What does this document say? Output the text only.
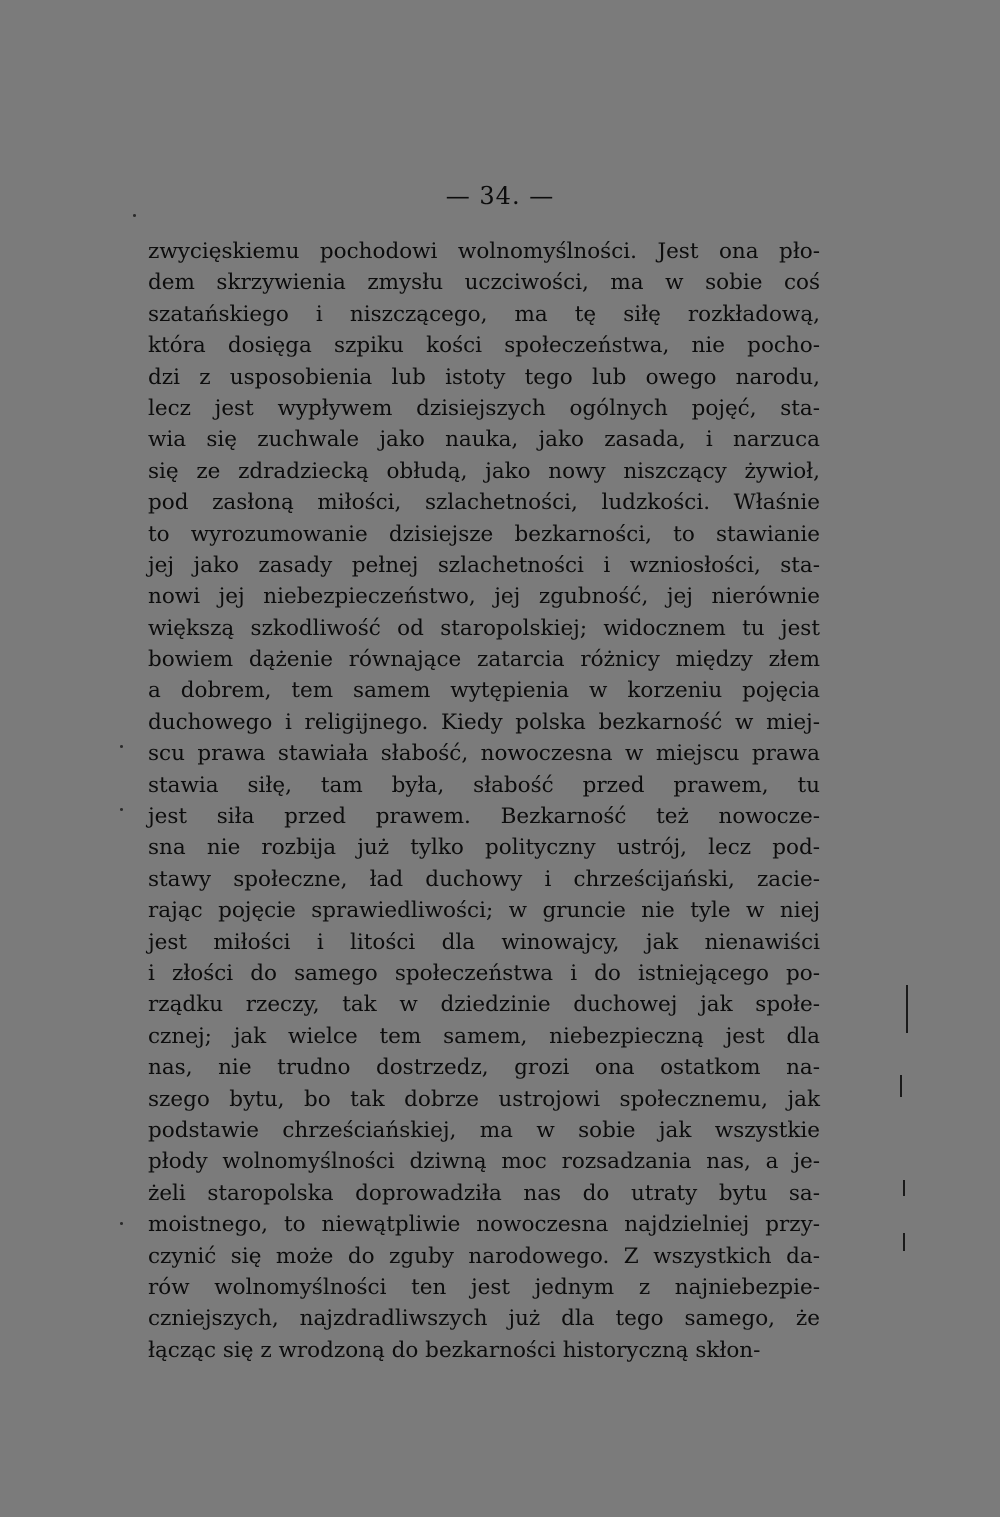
— 34. —
zwycięskiemu pochodowi wolnomyślności. Jest ona pło-
dem skrzywienia zmysłu uczciwości, ma w sobie coś
szatańskiego i niszczącego, ma tę siłę rozkładową,
która dosięga szpiku kości społeczeństwa, nie pocho-
dzi z usposobienia lub istoty tego lub owego narodu,
lecz jest wypływem dzisiejszych ogólnych pojęć, sta-
wia się zuchwale jako nauka, jako zasada, i narzuca
się ze zdradziecką obłudą, jako nowy niszczący żywioł,
pod zasłoną miłości, szlachetności, ludzkości. Właśnie
to wyrozumowanie dzisiejsze bezkarności, to stawianie
jej jako zasady pełnej szlachetności i wzniosłości, sta-
nowi jej niebezpieczeństwo, jej zgubność, jej nierównie
większą szkodliwość od staropolskiej; widocznem tu jest
bowiem dążenie równające zatarcia różnicy między złem
a dobrem, tem samem wytępienia w korzeniu pojęcia
duchowego i religijnego. Kiedy polska bezkarność w miej-
scu prawa stawiała słabość, nowoczesna w miejscu prawa
stawia siłę, tam była, słabość przed prawem, tu
jest siła przed prawem. Bezkarność też nowocze-
sna nie rozbija już tylko polityczny ustrój, lecz pod-
stawy społeczne, ład duchowy i chrześcijański, zacie-
rając pojęcie sprawiedliwości; w gruncie nie tyle w niej
jest miłości i litości dla winowajcy, jak nienawiści
i złości do samego społeczeństwa i do istniejącego po-
rządku rzeczy, tak w dziedzinie duchowej jak społe-
cznej; jak wielce tem samem, niebezpieczną jest dla
nas, nie trudno dostrzedz, grozi ona ostatkom na-
szego bytu, bo tak dobrze ustrojowi społecznemu, jak
podstawie chrześciańskiej, ma w sobie jak wszystkie
płody wolnomyślności dziwną moc rozsadzania nas, a je-
żeli staropolska doprowadziła nas do utraty bytu sa-
moistnego, to niewątpliwie nowoczesna najdzielniej przy-
czynić się może do zguby narodowego. Z wszystkich da-
rów wolnomyślności ten jest jednym z najniebezpie-
czniejszych, najzdradliwszych już dla tego samego, że
łącząc się z wrodzoną do bezkarności historyczną skłon-
